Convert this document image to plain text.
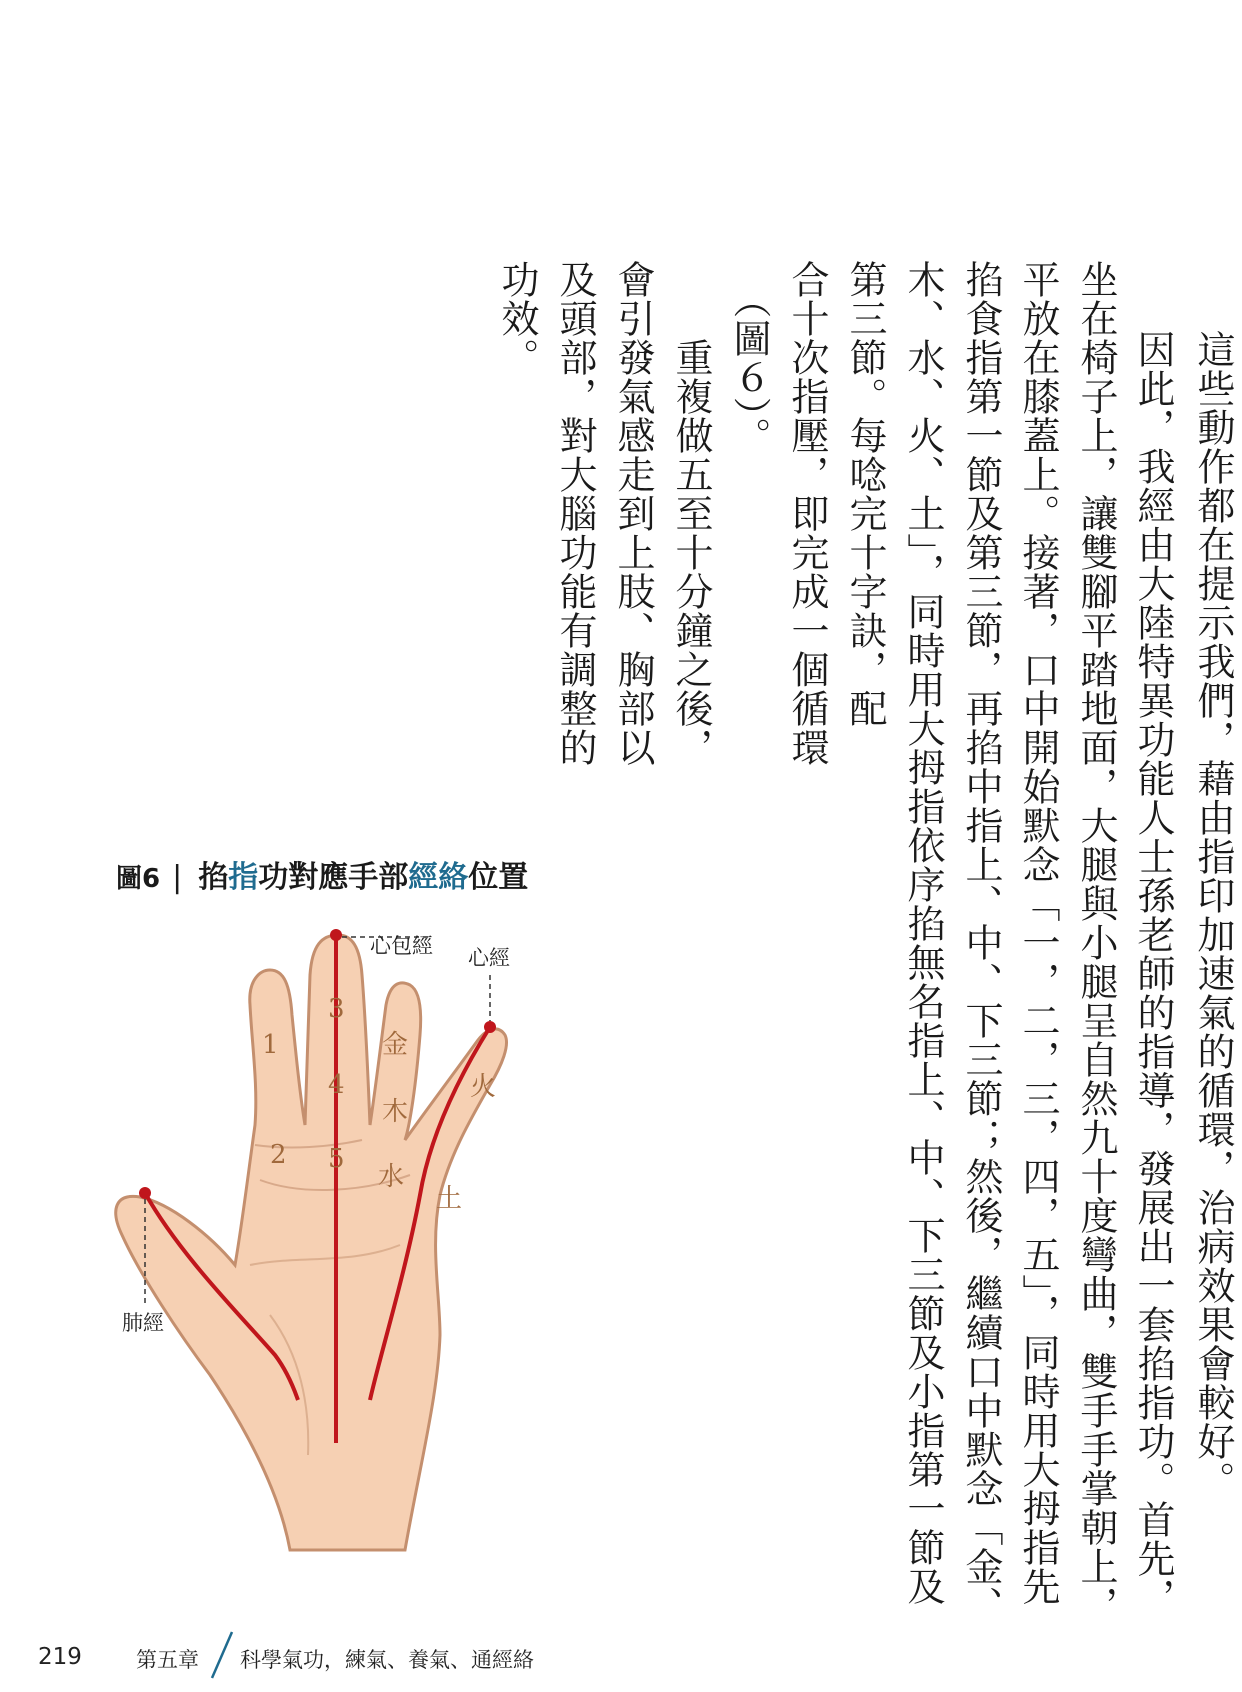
這些動作都在提示我們，藉由指印加速氣的循環，治病效果會較好。
因此，我經由大陸特異功能人士孫老師的指導，發展出一套掐指功。首先，
坐在椅子上，讓雙腳平踏地面，大腿與小腿呈自然九十度彎曲，雙手手掌朝上，
平放在膝蓋上。接著，口中開始默念「一，二，三，四，五」，同時用大拇指先
掐食指第一節及第三節，再掐中指上、中、下三節；然後，繼續口中默念「金、
木、水、火、土」，同時用大拇指依序掐無名指上、中、下三節及小指第一節及
第三節。每唸完十字訣，配
合十次指壓，即完成一個循環
（圖６）。
重複做五至十分鐘之後，
會引發氣感走到上肢、胸部以
及頭部，對大腦功能有調整的
功效。
圖6 | 掐 指 功對應手部 經絡 位置
心包經 心經
肺經
1
2
3
4
5
金
木
水
火
土
219	第五章 科學氣功，練氣、養氣、通經絡
